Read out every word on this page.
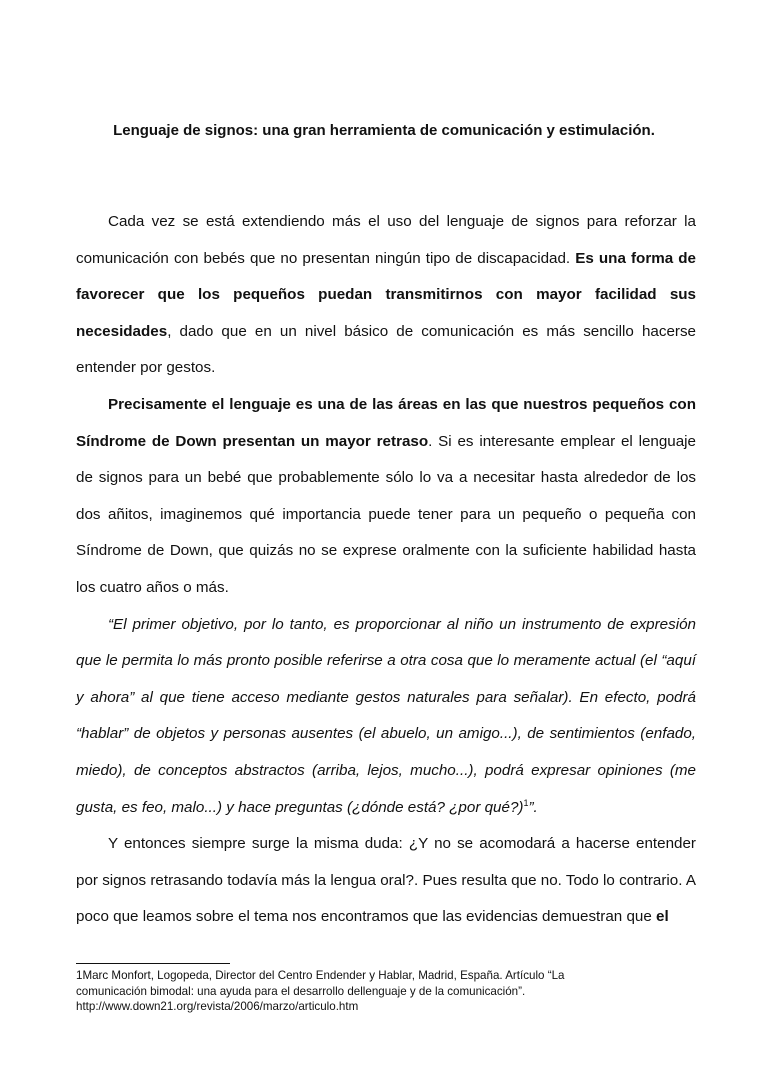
Lenguaje de signos: una gran herramienta de comunicación y estimulación.

Cada vez se está extendiendo más el uso del lenguaje de signos para reforzar la comunicación con bebés que no presentan ningún tipo de discapacidad. Es una forma de favorecer que los pequeños puedan transmitirnos con mayor facilidad sus necesidades, dado que en un nivel básico de comunicación es más sencillo hacerse entender por gestos.

Precisamente el lenguaje es una de las áreas en las que nuestros pequeños con Síndrome de Down presentan un mayor retraso. Si es interesante emplear el lenguaje de signos para un bebé que probablemente sólo lo va a necesitar hasta alrededor de los dos añitos, imaginemos qué importancia puede tener para un pequeño o pequeña con Síndrome de Down, que quizás no se exprese oralmente con la suficiente habilidad hasta los cuatro años o más.

“El primer objetivo, por lo tanto, es proporcionar al niño un instrumento de expresión que le permita lo más pronto posible referirse a otra cosa que lo meramente actual (el “aquí y ahora” al que tiene acceso mediante gestos naturales para señalar). En efecto, podrá “hablar” de objetos y personas ausentes (el abuelo, un amigo...), de sentimientos (enfado, miedo), de conceptos abstractos (arriba, lejos, mucho...), podrá expresar opiniones (me gusta, es feo, malo...) y hace preguntas (¿dónde está? ¿por qué?)$^1$”.

Y entonces siempre surge la misma duda: ¿Y no se acomodará a hacerse entender por signos retrasando todavía más la lengua oral?. Pues resulta que no. Todo lo contrario. A poco que leamos sobre el tema nos encontramos que las evidencias demuestran que el

1Marc Monfort, Logopeda, Director del Centro Endender y Hablar, Madrid, España. Artículo “La
comunicación bimodal: una ayuda para el desarrollo dellenguaje y de la comunicación”.
http://www.down21.org/revista/2006/marzo/articulo.htm
